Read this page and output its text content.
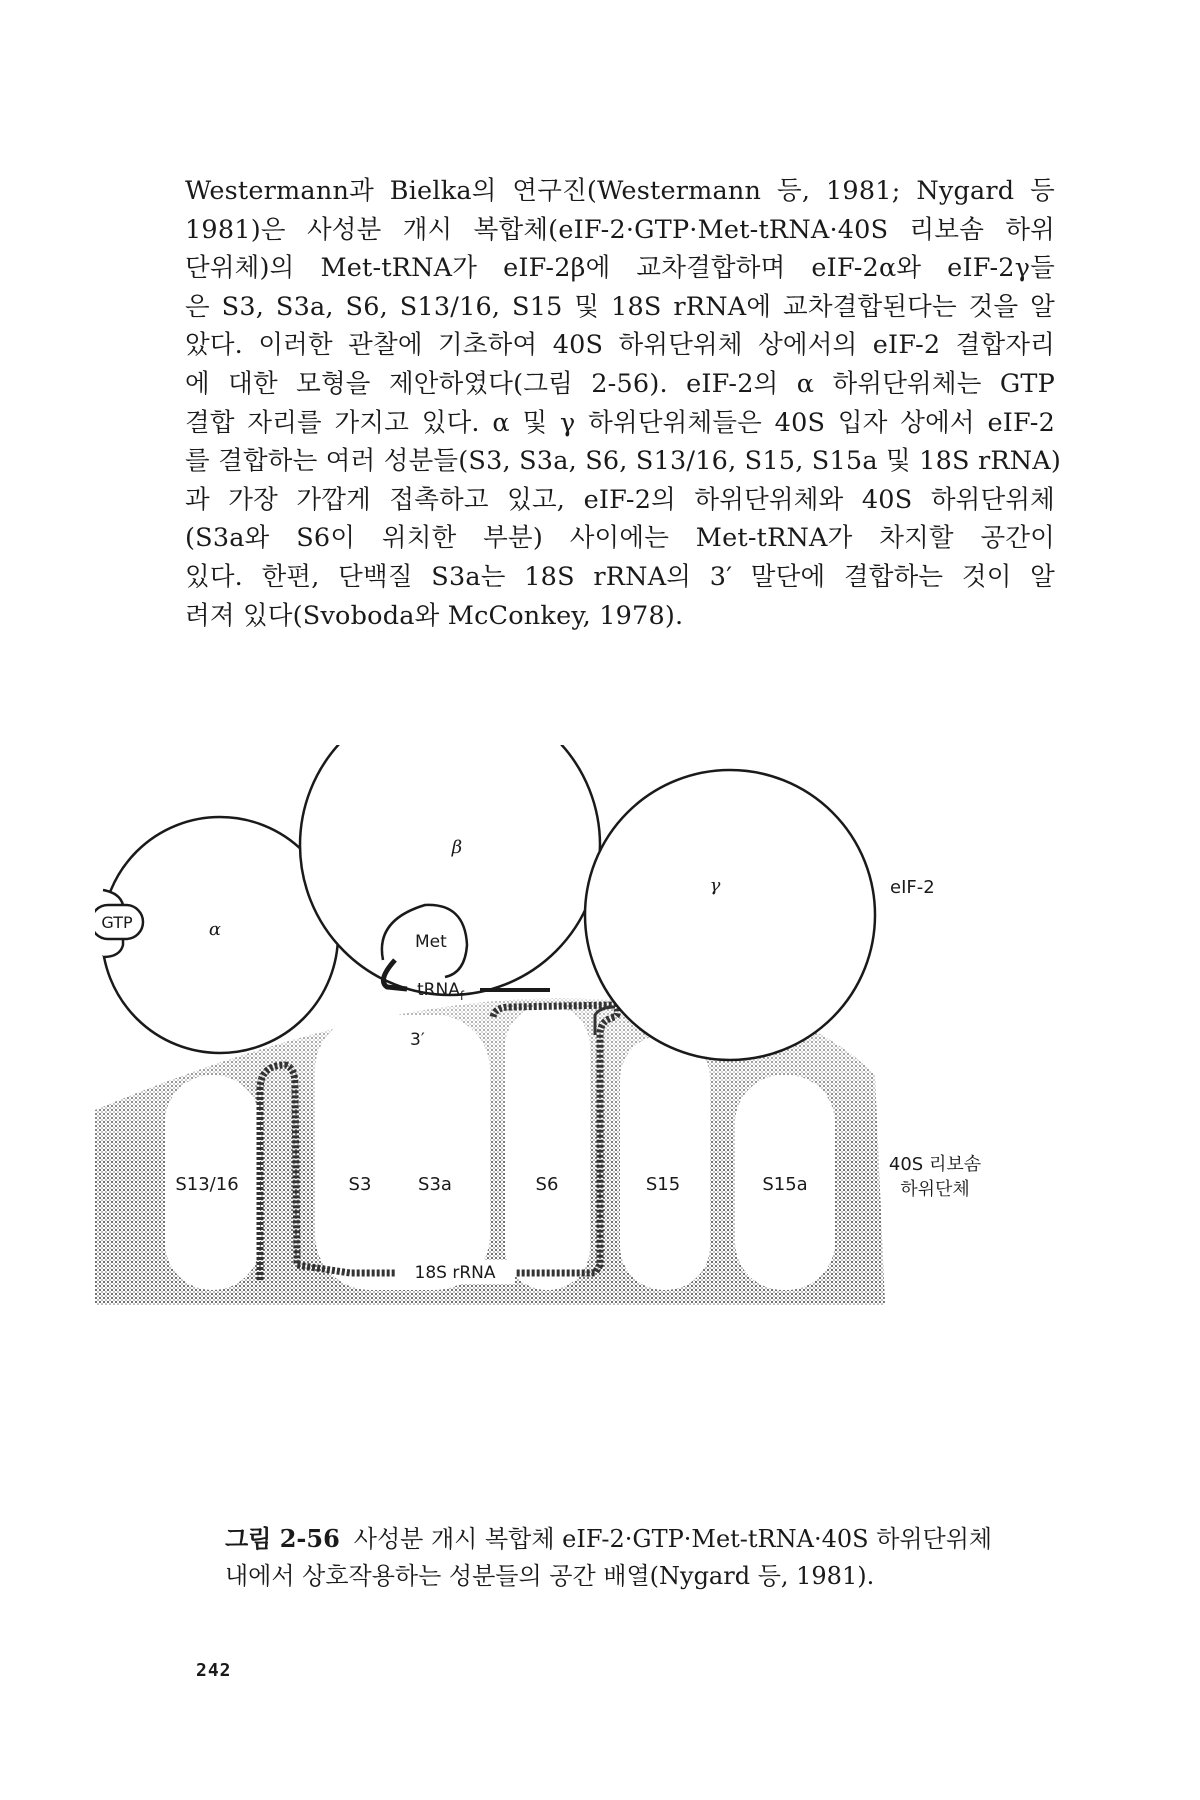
Westermann과 Bielka의 연구진(Westermann 등, 1981; Nygard 등
1981)은 사성분 개시 복합체(eIF-2·GTP·Met-tRNA·40S 리보솜 하위
단위체)의 Met-tRNA가 eIF-2β에 교차결합하며 eIF-2α와 eIF-2γ들
은 S3, S3a, S6, S13/16, S15 및 18S rRNA에 교차결합된다는 것을 알
았다. 이러한 관찰에 기초하여 40S 하위단위체 상에서의 eIF-2 결합자리
에 대한 모형을 제안하였다(그림 2-56). eIF-2의 α 하위단위체는 GTP
결합 자리를 가지고 있다. α 및 γ 하위단위체들은 40S 입자 상에서 eIF-2
를 결합하는 여러 성분들(S3, S3a, S6, S13/16, S15, S15a 및 18S rRNA)
과 가장 가깝게 접촉하고 있고, eIF-2의 하위단위체와 40S 하위단위체
(S3a와 S6이 위치한 부분) 사이에는 Met-tRNA가 차지할 공간이
있다. 한편, 단백질 S3a는 18S rRNA의 3′ 말단에 결합하는 것이 알
려져 있다(Svoboda와 McConkey, 1978).
GTP
Met
tRNA$_f$
3′
α
β
γ	eIF-2
S13/16	S3	S3a	S6	S15	S15a
18S rRNA
40S 리보솜
하위단체
그림 2-56 사성분 개시 복합체 eIF-2·GTP·Met-tRNA·40S 하위단위체
내에서 상호작용하는 성분들의 공간 배열(Nygard 등, 1981).
242
